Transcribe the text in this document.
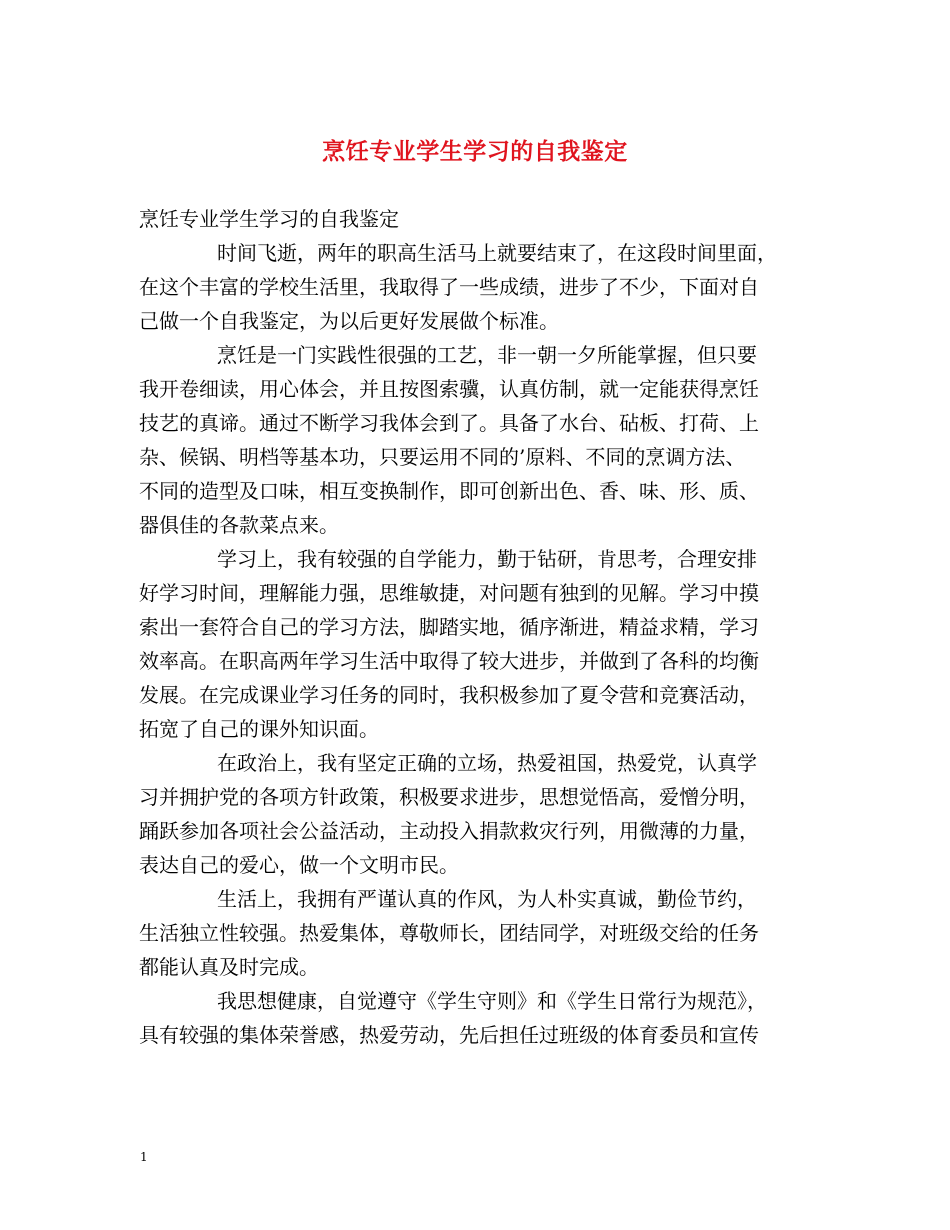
烹饪专业学生学习的自我鉴定
烹饪专业学生学习的自我鉴定
时间飞逝，两年的职高生活马上就要结束了，在这段时间里面，
在这个丰富的学校生活里，我取得了一些成绩，进步了不少，下面对自
己做一个自我鉴定，为以后更好发展做个标准。
烹饪是一门实践性很强的工艺，非一朝一夕所能掌握，但只要
我开卷细读，用心体会，并且按图索骥，认真仿制，就一定能获得烹饪
技艺的真谛。通过不断学习我体会到了。具备了水台、砧板、打荷、上
杂、候锅、明档等基本功，只要运用不同的’原料、不同的烹调方法、
不同的造型及口味，相互变换制作，即可创新出色、香、味、形、质、
器俱佳的各款菜点来。
学习上，我有较强的自学能力，勤于钻研，肯思考，合理安排
好学习时间，理解能力强，思维敏捷，对问题有独到的见解。学习中摸
索出一套符合自己的学习方法，脚踏实地，循序渐进，精益求精，学习
效率高。在职高两年学习生活中取得了较大进步，并做到了各科的均衡
发展。在完成课业学习任务的同时，我积极参加了夏令营和竞赛活动，
拓宽了自己的课外知识面。
在政治上，我有坚定正确的立场，热爱祖国，热爱党，认真学
习并拥护党的各项方针政策，积极要求进步，思想觉悟高，爱憎分明，
踊跃参加各项社会公益活动，主动投入捐款救灾行列，用微薄的力量，
表达自己的爱心，做一个文明市民。
生活上，我拥有严谨认真的作风，为人朴实真诚，勤俭节约，
生活独立性较强。热爱集体，尊敬师长，团结同学，对班级交给的任务
都能认真及时完成。
我思想健康，自觉遵守《学生守则》和《学生日常行为规范》，
具有较强的集体荣誉感，热爱劳动，先后担任过班级的体育委员和宣传
1
